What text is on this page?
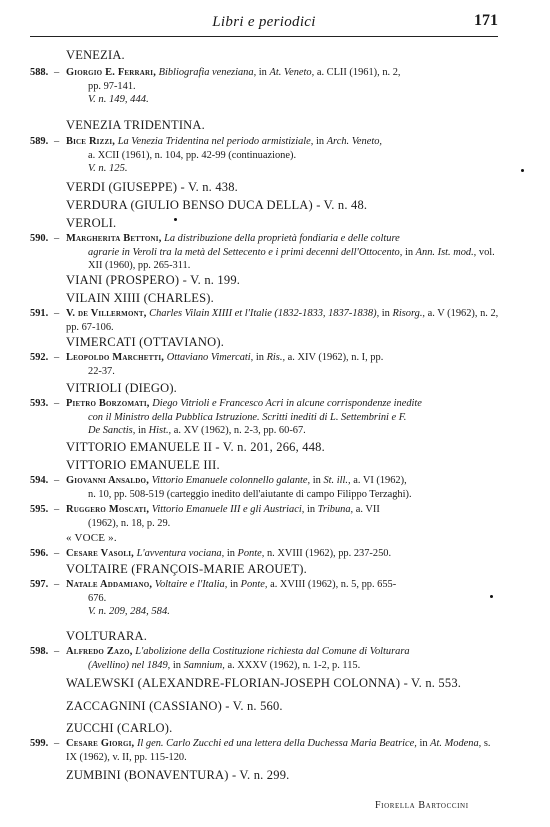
Libri e periodici	171
VENEZIA.
588. – Giorgio E. Ferrari, Bibliografia veneziana, in At. Veneto, a. CLII (1961), n. 2,
pp. 97-141.
V. n. 149, 444.
VENEZIA TRIDENTINA.
589. – Bice Rizzi, La Venezia Tridentina nel periodo armistiziale, in Arch. Veneto,
a. XCII (1961), n. 104, pp. 42-99 (continuazione).
V. n. 125.
VERDI (GIUSEPPE) - V. n. 438.
VERDURA (GIULIO BENSO DUCA DELLA) - V. n. 48.
VEROLI.
590. – Margherita Bettoni, La distribuzione della proprietà fondiaria e delle colture
agrarie in Veroli tra la metà del Settecento e i primi decenni dell'Ottocento, in Ann. Ist. mod., vol. XII (1960), pp. 265-311.
VIANI (PROSPERO) - V. n. 199.
VILAIN XIIII (CHARLES).
591. – V. de Villermont, Charles Vilain XIIII et l'Italie (1832-1833, 1837-1838), in Risorg., a. V (1962), n. 2, pp. 67-106.
VIMERCATI (OTTAVIANO).
592. – Leopoldo Marchetti, Ottaviano Vimercati, in Ris., a. XIV (1962), n. I, pp.
22-37.
VITRIOLI (DIEGO).
593. – Pietro Borzomati, Diego Vitrioli e Francesco Acri in alcune corrispondenze inedite
con il Ministro della Pubblica Istruzione. Scritti inediti di L. Settembrini e F.
De Sanctis, in Hist., a. XV (1962), n. 2-3, pp. 60-67.
VITTORIO EMANUELE II - V. n. 201, 266, 448.
VITTORIO EMANUELE III.
594. – Giovanni Ansaldo, Vittorio Emanuele colonnello galante, in St. ill., a. VI (1962),
n. 10, pp. 508-519 (carteggio inedito dell'aiutante di campo Filippo Terzaghi).
595. – Ruggero Moscati, Vittorio Emanuele III e gli Austriaci, in Tribuna, a. VII
(1962), n. 18, p. 29.
« VOCE ».
596. – Cesare Vasoli, L'avventura vociana, in Ponte, n. XVIII (1962), pp. 237-250.
VOLTAIRE (FRANÇOIS-MARIE AROUET).
597. – Natale Addamiano, Voltaire e l'Italia, in Ponte, a. XVIII (1962), n. 5, pp. 655-
676.
V. n. 209, 284, 584.
VOLTURARA.
598. – Alfredo Zazo, L'abolizione della Costituzione richiesta dal Comune di Volturara
(Avellino) nel 1849, in Samnium, a. XXXV (1962), n. 1-2, p. 115.
WALEWSKI (ALEXANDRE-FLORIAN-JOSEPH COLONNA) - V. n. 553.
ZACCAGNINI (CASSIANO) - V. n. 560.
ZUCCHI (CARLO).
599. – Cesare Giorgi, Il gen. Carlo Zucchi ed una lettera della Duchessa Maria Beatrice, in At. Modena, s. IX (1962), v. II, pp. 115-120.
ZUMBINI (BONAVENTURA) - V. n. 299.
Fiorella Bartoccini
